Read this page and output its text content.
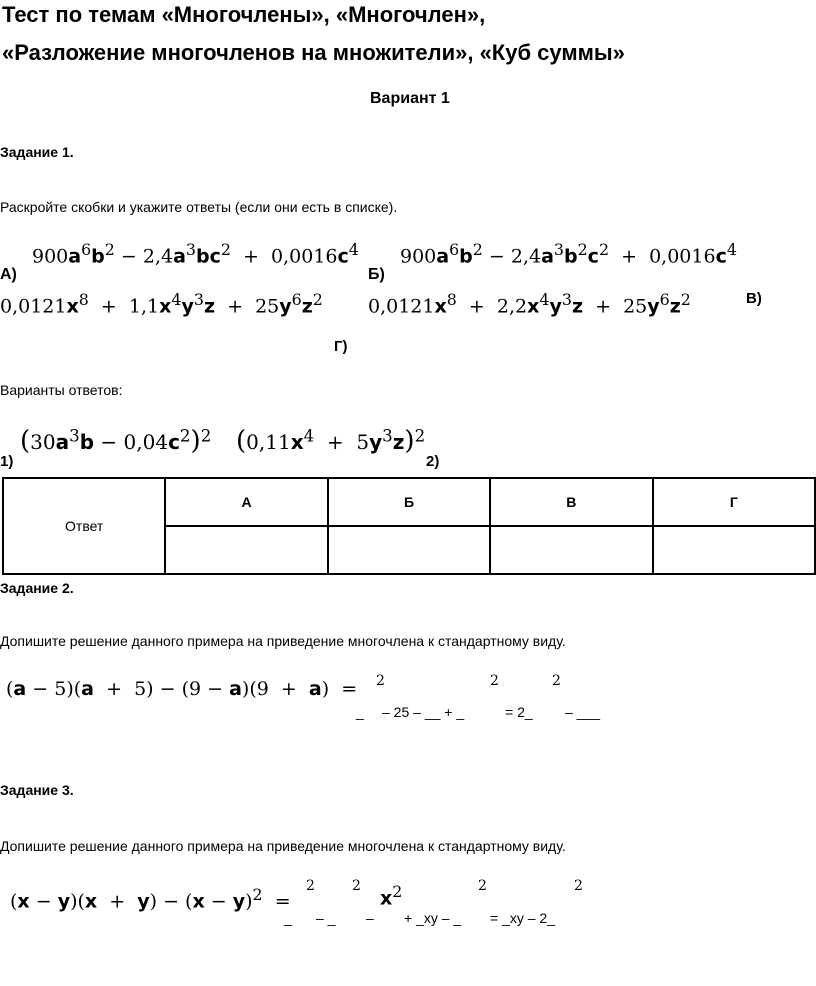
Тест по темам «Многочлены», «Многочлен»,
«Разложение многочленов на множители», «Куб суммы»
Вариант 1
Задание 1.
Раскройте скобки и укажите ответы (если они есть в списке).
$900a^6b^2 - 2,4a^3bc^2 + 0,0016c^4$
А)
$900a^6b^2 - 2,4a^3b^2c^2 + 0,0016c^4$
Б)
$0,0121x^8 + 1,1x^4y^3z + 25y^6z^2$ $0,0121x^8 + 2,2x^4y^3z + 25y^6z^2$	В)
Г)
Варианты ответов:
$(30a^3b - 0,04c^2)^2$ $(0,11x^4 + 5y^3z)^2$
1)	2)
Ответ	А	Б	В	Г

Задание 2.
Допишите решение данного примера на приведение многочлена к стандартному виду.
(a − 5)(a  +  5) − (9 − a)(9  +  a)  = 2	2	2
_ – 25 – __ + _	= 2_ – ___
Задание 3.
Допишите решение данного примера на приведение многочлена к стандартному виду.
$(x - y)(x + y) - (x - y)^2$  =
2	2
$x^2$	2	2
_ – _ – + _xy – _ = _xy – 2_
